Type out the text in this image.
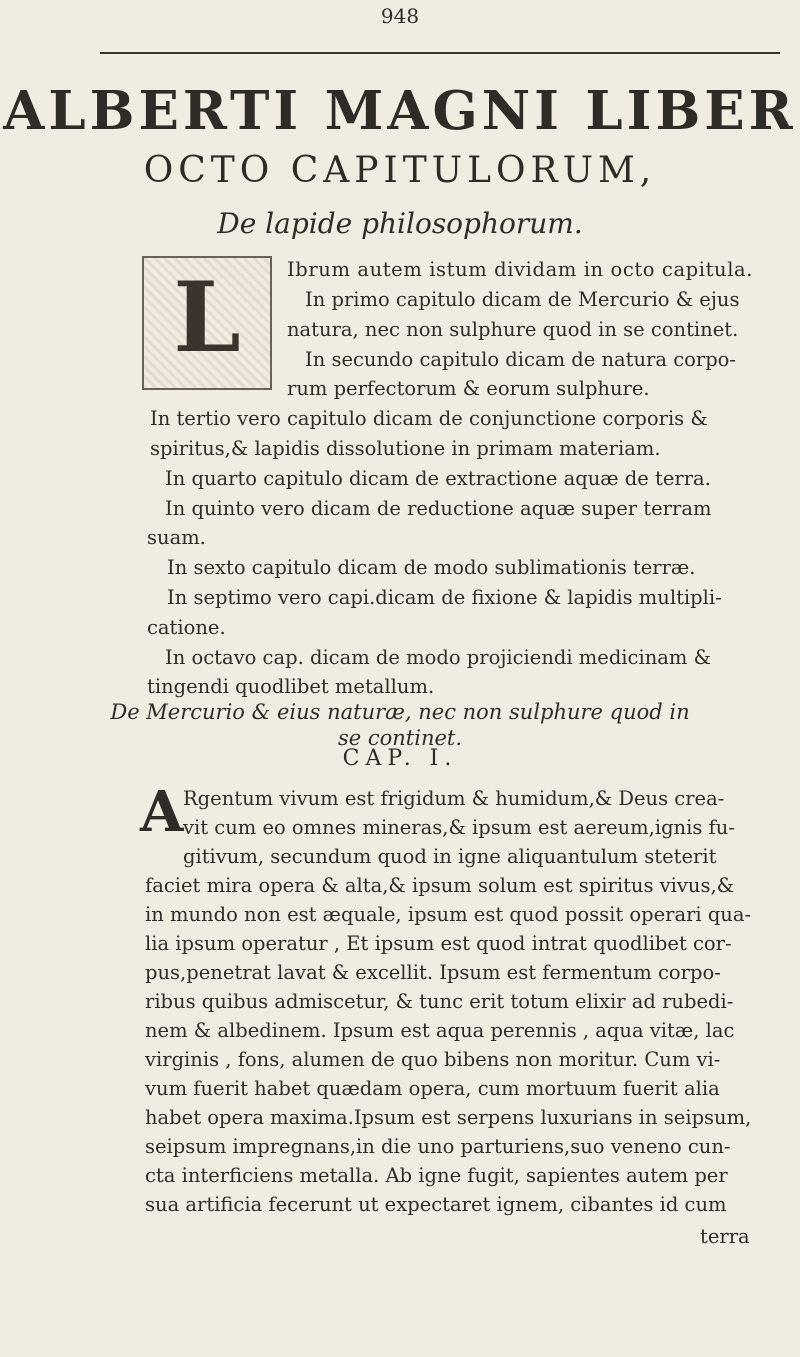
948
ALBERTI MAGNI LIBER
OCTO CAPITULORUM,
De lapide philosophorum.
L	Ibrum autem istum dividam in octo capitula.
In primo capitulo dicam de Mercurio & ejus
natura, nec non sulphure quod in se continet.
In secundo capitulo dicam de natura corpo-
rum perfectorum & eorum sulphure.
In tertio vero capitulo dicam de conjunctione corporis &
spiritus,& lapidis dissolutione in primam materiam.
In quarto capitulo dicam de extractione aquæ de terra.
In quinto vero dicam de reductione aquæ super terram
suam.
In sexto capitulo dicam de modo sublimationis terræ.
In septimo vero capi.dicam de fixione & lapidis multipli-
catione.
In octavo cap. dicam de modo projiciendi medicinam &
tingendi quodlibet metallum.
De Mercurio & eius naturæ, nec non sulphure quod in
se continet.
CAP. I.
A Rgentum vivum est frigidum & humidum,& Deus crea-
vit cum eo omnes mineras,& ipsum est aereum,ignis fu-
gitivum, secundum quod in igne aliquantulum steterit
faciet mira opera & alta,& ipsum solum est spiritus vivus,&
in mundo non est æquale, ipsum est quod possit operari qua-
lia ipsum operatur , Et ipsum est quod intrat quodlibet cor-
pus,penetrat lavat & excellit. Ipsum est fermentum corpo-
ribus quibus admiscetur, & tunc erit totum elixir ad rubedi-
nem & albedinem. Ipsum est aqua perennis , aqua vitæ, lac
virginis , fons, alumen de quo bibens non moritur. Cum vi-
vum fuerit habet quædam opera, cum mortuum fuerit alia
habet opera maxima.Ipsum est serpens luxurians in seipsum,
seipsum impregnans,in die uno parturiens,suo veneno cun-
cta interficiens metalla. Ab igne fugit, sapientes autem per
sua artificia fecerunt ut expectaret ignem, cibantes id cum
terra
